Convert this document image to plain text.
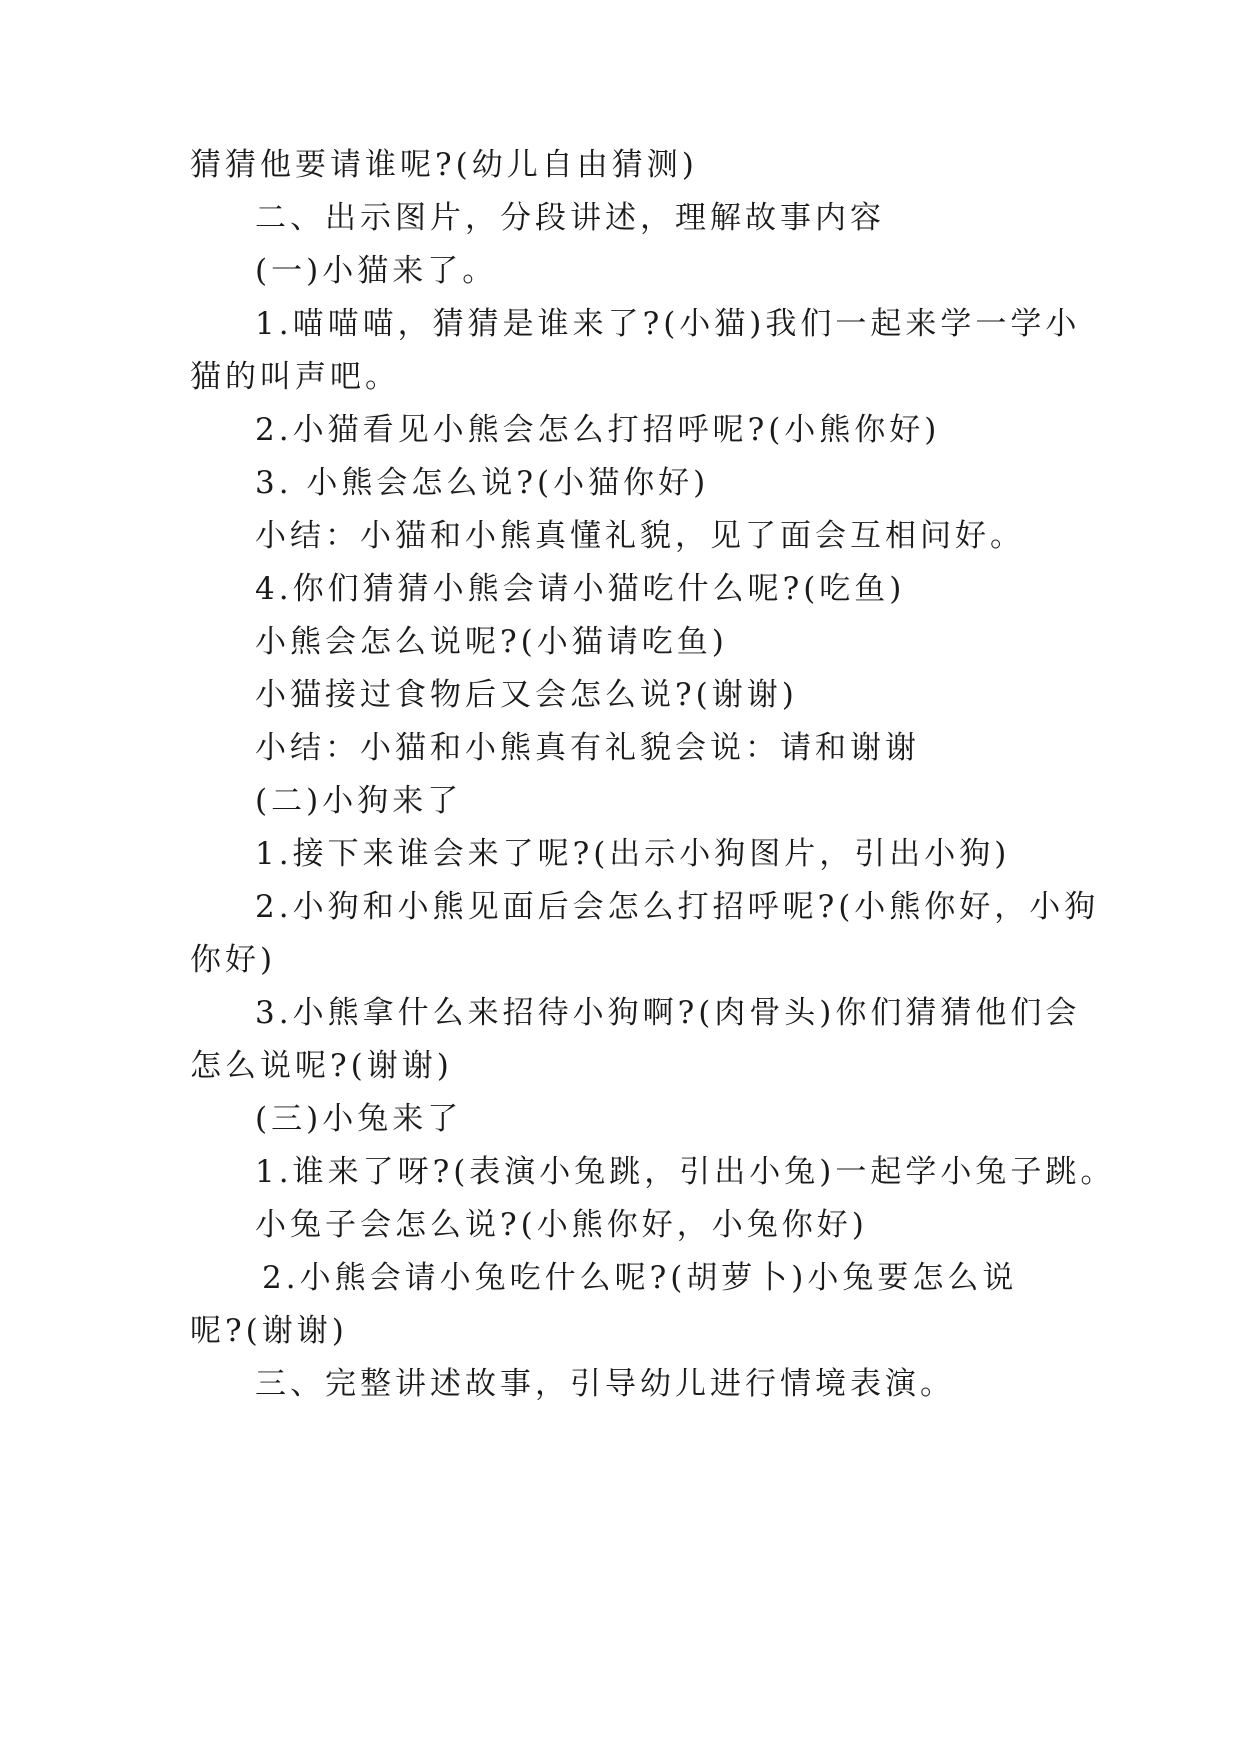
猜猜他要请谁呢?(幼儿自由猜测)
二、出示图片，分段讲述，理解故事内容
(一)小猫来了。
1.喵喵喵，猜猜是谁来了?(小猫)我们一起来学一学小
猫的叫声吧。
2.小猫看见小熊会怎么打招呼呢?(小熊你好)
3. 小熊会怎么说?(小猫你好)
小结：小猫和小熊真懂礼貌，见了面会互相问好。
4.你们猜猜小熊会请小猫吃什么呢?(吃鱼)
小熊会怎么说呢?(小猫请吃鱼)
小猫接过食物后又会怎么说?(谢谢)
小结：小猫和小熊真有礼貌会说：请和谢谢
(二)小狗来了
1.接下来谁会来了呢?(出示小狗图片，引出小狗)
2.小狗和小熊见面后会怎么打招呼呢?(小熊你好，小狗
你好)
3.小熊拿什么来招待小狗啊?(肉骨头)你们猜猜他们会
怎么说呢?(谢谢)
(三)小兔来了
1.谁来了呀?(表演小兔跳，引出小兔)一起学小兔子跳。
小兔子会怎么说?(小熊你好，小兔你好)
2.小熊会请小兔吃什么呢?(胡萝卜)小兔要怎么说
呢?(谢谢)
三、完整讲述故事，引导幼儿进行情境表演。
